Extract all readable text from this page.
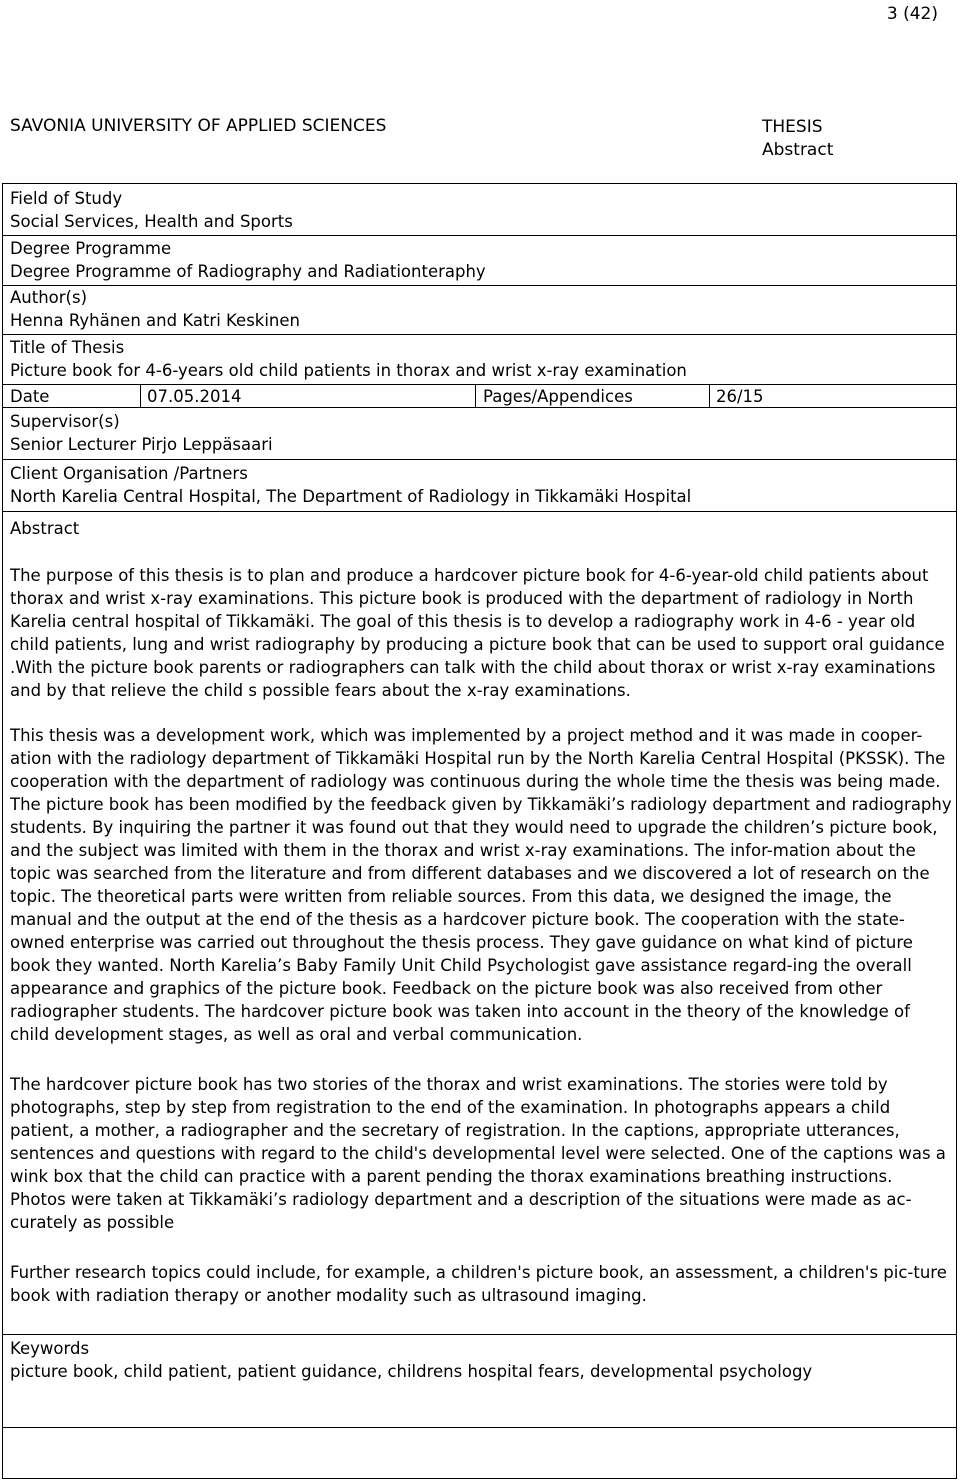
3 (42)
SAVONIA UNIVERSITY OF APPLIED SCIENCES	THESIS
Abstract
Field of Study
Social Services, Health and Sports
Degree Programme
Degree Programme of Radiography and Radiationteraphy
Author(s)
Henna Ryhänen and Katri Keskinen
Title of Thesis
Picture book for 4-6-years old child patients in thorax and wrist x-ray examination
Date	07.05.2014	Pages/Appendices	26/15
Supervisor(s)
Senior Lecturer Pirjo Leppäsaari
Client Organisation /Partners
North Karelia Central Hospital, The Department of Radiology in Tikkamäki Hospital
Abstract
The purpose of this thesis is to plan and produce a hardcover picture book for 4-6-year-old child patients about thorax and wrist x-ray examinations. This picture book is produced with the department of radiology in North Karelia central hospital of Tikkamäki. The goal of this thesis is to develop a radiography work in 4-6 - year old child patients, lung and wrist radiography by producing a picture book that can be used to support oral guidance .With the picture book parents or radiographers can talk with the child about thorax or wrist x-ray examinations and by that relieve the child s possible fears about the x-ray examinations.
This thesis was a development work, which was implemented by a project method and it was made in cooper-ation with the radiology department of Tikkamäki Hospital run by the North Karelia Central Hospital (PKSSK). The cooperation with the department of radiology was continuous during the whole time the thesis was being made. The picture book has been modified by the feedback given by Tikkamäki’s radiology department and radiography students. By inquiring the partner it was found out that they would need to upgrade the children’s picture book, and the subject was limited with them in the thorax and wrist x-ray examinations. The infor-mation about the topic was searched from the literature and from different databases and we discovered a lot of research on the topic. The theoretical parts were written from reliable sources. From this data, we designed the image, the manual and the output at the end of the thesis as a hardcover picture book. The cooperation with the state-owned enterprise was carried out throughout the thesis process. They gave guidance on what kind of picture book they wanted. North Karelia’s Baby Family Unit Child Psychologist gave assistance regard-ing the overall appearance and graphics of the picture book. Feedback on the picture book was also received from other radiographer students. The hardcover picture book was taken into account in the theory of the knowledge of child development stages, as well as oral and verbal communication.
The hardcover picture book has two stories of the thorax and wrist examinations. The stories were told by photographs, step by step from registration to the end of the examination. In photographs appears a child patient, a mother, a radiographer and the secretary of registration. In the captions, appropriate utterances, sentences and questions with regard to the child's developmental level were selected. One of the captions was a wink box that the child can practice with a parent pending the thorax examinations breathing instructions. Photos were taken at Tikkamäki’s radiology department and a description of the situations were made as ac-curately as possible
Further research topics could include, for example, a children's picture book, an assessment, a children's pic-ture book with radiation therapy or another modality such as ultrasound imaging.
Keywords
picture book, child patient, patient guidance, childrens hospital fears, developmental psychology
